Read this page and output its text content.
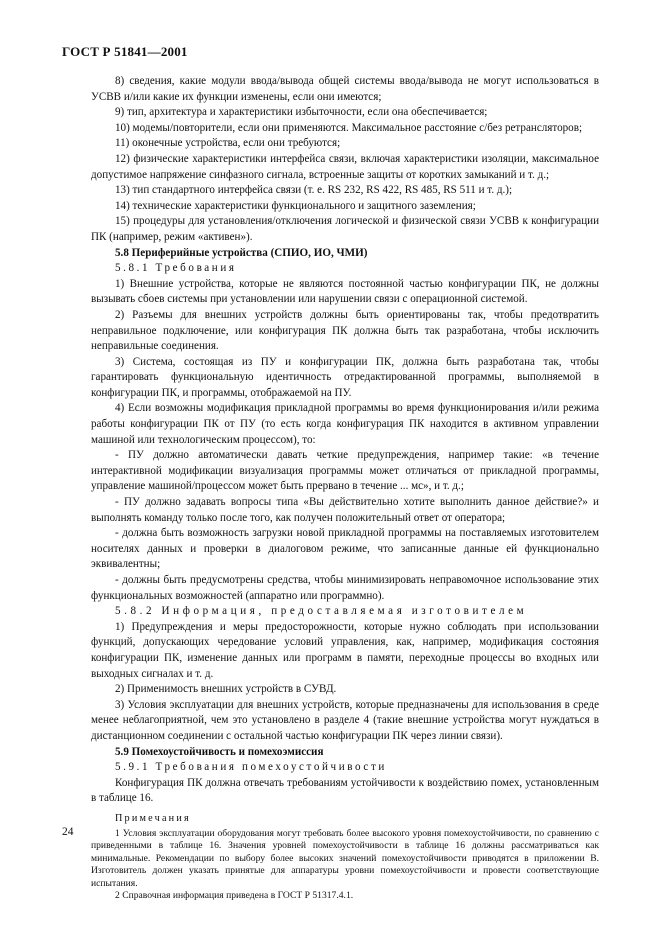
ГОСТ Р 51841—2001

8) сведения, какие модули ввода/вывода общей системы ввода/вывода не могут использоваться в УСВВ и/или какие их функции изменены, если они имеются;

9) тип, архитектура и характеристики избыточности, если она обеспечивается;

10) модемы/повторители, если они применяются. Максимальное расстояние с/без ретрансляторов;

11) оконечные устройства, если они требуются;

12) физические характеристики интерфейса связи, включая характеристики изоляции, максимальное допустимое напряжение синфазного сигнала, встроенные защиты от коротких замыканий и т. д.;

13) тип стандартного интерфейса связи (т. е. RS 232, RS 422, RS 485, RS 511 и т. д.);

14) технические характеристики функционального и защитного заземления;

15) процедуры для установления/отключения логической и физической связи УСВВ к конфигурации ПК (например, режим «активен»).

5.8 Периферийные устройства (СПИО, ИО, ЧМИ)

5.8.1 Требования

1) Внешние устройства, которые не являются постоянной частью конфигурации ПК, не должны вызывать сбоев системы при установлении или нарушении связи с операционной системой.

2) Разъемы для внешних устройств должны быть ориентированы так, чтобы предотвратить неправильное подключение, или конфигурация ПК должна быть так разработана, чтобы исключить неправильные соединения.

3) Система, состоящая из ПУ и конфигурации ПК, должна быть разработана так, чтобы гарантировать функциональную идентичность отредактированной программы, выполняемой в конфигурации ПК, и программы, отображаемой на ПУ.

4) Если возможны модификация прикладной программы во время функционирования и/или режима работы конфигурации ПК от ПУ (то есть когда конфигурация ПК находится в активном управлении машиной или технологическим процессом), то:

- ПУ должно автоматически давать четкие предупреждения, например такие: «в течение интерактивной модификации визуализация программы может отличаться от прикладной программы, управление машиной/процессом может быть прервано в течение ... мс», и т. д.;

- ПУ должно задавать вопросы типа «Вы действительно хотите выполнить данное действие?» и выполнять команду только после того, как получен положительный ответ от оператора;

- должна быть возможность загрузки новой прикладной программы на поставляемых изготовителем носителях данных и проверки в диалоговом режиме, что записанные данные ей функционально эквивалентны;

- должны быть предусмотрены средства, чтобы минимизировать неправомочное использование этих функциональных возможностей (аппаратно или программно).

5.8.2 Информация, предоставляемая изготовителем

1) Предупреждения и меры предосторожности, которые нужно соблюдать при использовании функций, допускающих чередование условий управления, как, например, модификация состояния конфигурации ПК, изменение данных или программ в памяти, переходные процессы во входных или выходных сигналах и т. д.

2) Применимость внешних устройств в СУВД.

3) Условия эксплуатации для внешних устройств, которые предназначены для использования в среде менее неблагоприятной, чем это установлено в разделе 4 (такие внешние устройства могут нуждаться в дистанционном соединении с остальной частью конфигурации ПК через линии связи).

5.9 Помехоустойчивость и помехоэмиссия

5.9.1 Требования помехоустойчивости

Конфигурация ПК должна отвечать требованиям устойчивости к воздействию помех, установленным в таблице 16.

Примечания

1 Условия эксплуатации оборудования могут требовать более высокого уровня помехоустойчивости, по сравнению с приведенными в таблице 16. Значения уровней помехоустойчивости в таблице 16 должны рассматриваться как минимальные. Рекомендации по выбору более высоких значений помехоустойчивости приводятся в приложении В. Изготовитель должен указать принятые для аппаратуры уровни помехоустойчивости и провести соответствующие испытания.

2 Справочная информация приведена в ГОСТ Р 51317.4.1.

24
